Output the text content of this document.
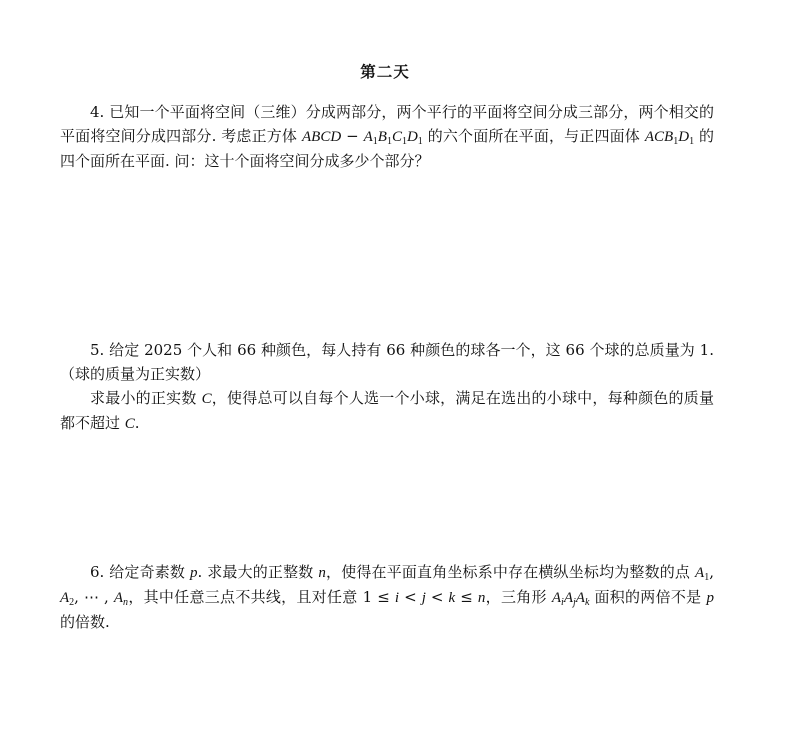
第二天

4. 已知一个平面将空间（三维）分成两部分，两个平行的平面将空间分成三部分，两个相交的平面将空间分成四部分. 考虑正方体 ABCD − $A_1B_1C_1D_1$ 的六个面所在平面，与正四面体 $ACB_1D_1$ 的四个面所在平面. 问：这十个面将空间分成多少个部分？

5. 给定 2025 个人和 66 种颜色，每人持有 66 种颜色的球各一个，这 66 个球的总质量为 1.（球的质量为正实数）

求最小的正实数 C，使得总可以自每个人选一个小球，满足在选出的小球中，每种颜色的质量都不超过 C.

6. 给定奇素数 p. 求最大的正整数 n，使得在平面直角坐标系中存在横纵坐标均为整数的点 $A_1$, $A_2$, ⋯ , $A_n$，其中任意三点不共线，且对任意 1 ≤ i < j < k ≤ n，三角形 $A_iA_jA_k$ 面积的两倍不是 p 的倍数.
